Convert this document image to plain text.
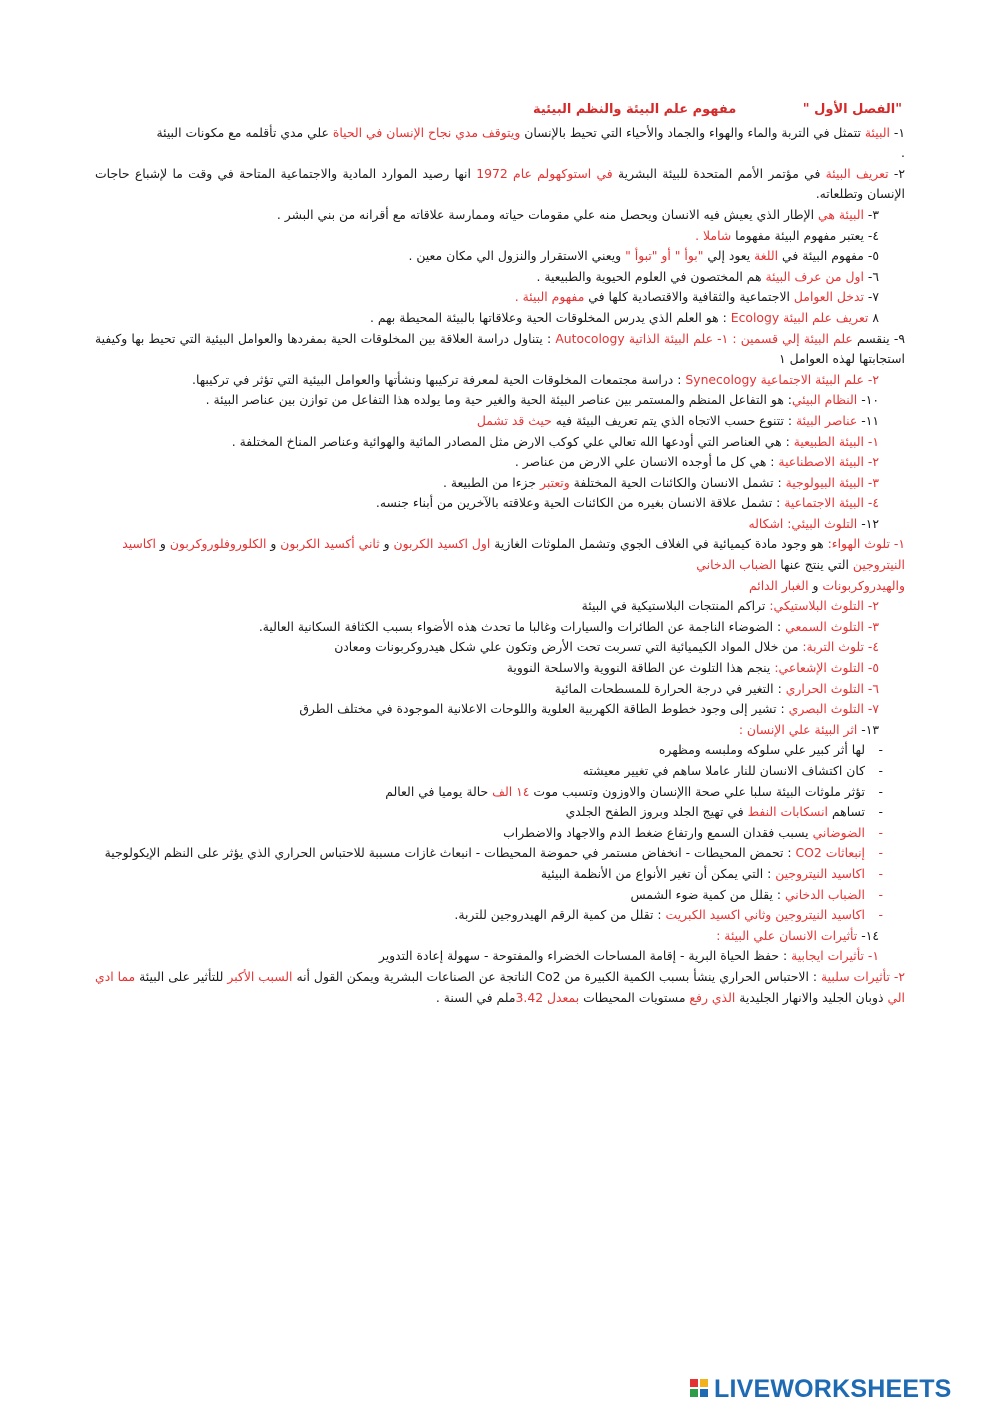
"الفصل الأول " مفهوم علم البيئة والنظم البيئية

١- البيئة تتمثل في التربة والماء والهواء والجماد والأحياء التي تحيط بالإنسان ويتوقف مدي نجاح الإنسان في الحياة علي مدي تأقلمه مع مكونات البيئة
.

٢- تعريف البيئة في مؤتمر الأمم المتحدة للبيئة البشرية في استوكهولم عام 1972 انها رصيد الموارد المادية والاجتماعية المتاحة في وقت ما لإشباع حاجات الإنسان وتطلعاته.

٣- البيئة هي الإطار الذي يعيش فيه الانسان ويحصل منه علي مقومات حياته وممارسة علاقاته مع أقرانه من بني البشر .

٤- يعتبر مفهوم البيئة مفهوما شاملا .

٥- مفهوم البيئة في اللغة يعود إلي "بوأ " أو "تبوأ " ويعني الاستقرار والنزول الي مكان معين .

٦- اول من عرف البيئة هم المختصون في العلوم الحيوية والطبيعية .

٧- تدخل العوامل الاجتماعية والثقافية والاقتصادية كلها في مفهوم البيئة .

٨ تعريف علم البيئة Ecology : هو العلم الذي يدرس المخلوقات الحية وعلاقاتها بالبيئة المحيطة بهم .

٩- ينقسم علم البيئة إلي قسمين : ١- علم البيئة الذاتية Autocology : يتناول دراسة العلاقة بين المخلوقات الحية بمفردها والعوامل البيئية التي تحيط بها وكيفية استجابتها لهذه العوامل ١

٢- علم البيئة الاجتماعية Synecology : دراسة مجتمعات المخلوقات الحية لمعرفة تركيبها ونشأتها والعوامل البيئية التي تؤثر في تركيبها.

١٠- النظام البيئي: هو التفاعل المنظم والمستمر بين عناصر البيئة الحية والغير حية وما يولده هذا التفاعل من توازن بين عناصر البيئة .

١١- عناصر البيئة : تتنوع حسب الاتجاه الذي يتم تعريف البيئة فيه حيث قد تشمل

١- البيئة الطبيعية : هي العناصر التي أودعها الله تعالي علي كوكب الارض مثل المصادر المائية والهوائية وعناصر المناخ المختلفة .

٢- البيئة الاصطناعية : هي كل ما أوجده الانسان علي الارض من عناصر .

٣- البيئة البيولوجية : تشمل الانسان والكائنات الحية المختلفة وتعتبر جزءا من الطبيعة .

٤- البيئة الاجتماعية : تشمل علاقة الانسان بغيره من الكائنات الحية وعلاقته بالآخرين من أبناء جنسه.

١٢- التلوث البيئي: اشكاله

١- تلوث الهواء: هو وجود مادة كيميائية في الغلاف الجوي وتشمل الملوثات الغازية اول اكسيد الكربون و ثاني أكسيد الكربون و الكلوروفلوروكربون و اكاسيد النيتروجين التي ينتج عنها الضباب الدخاني

والهيدروكربونات و الغبار الدائم

٢- التلوث البلاستيكي: تراكم المنتجات البلاستيكية في البيئة

٣- التلوث السمعي : الضوضاء الناجمة عن الطائرات والسيارات وغالبا ما تحدث هذه الأضواء بسبب الكثافة السكانية العالية.

٤- تلوث التربة: من خلال المواد الكيميائية التي تسربت تحت الأرض وتكون علي شكل هيدروكربونات ومعادن

٥- التلوث الإشعاعي: ينجم هذا التلوث عن الطاقة النووية والاسلحة النووية

٦- التلوث الحراري : التغير في درجة الحرارة للمسطحات المائية

٧- التلوث البصري : تشير إلى وجود خطوط الطاقة الكهربية العلوية واللوحات الاعلانية الموجودة في مختلف الطرق

١٣- اثر البيئة علي الإنسان :

- لها أثر كبير علي سلوكه وملبسه ومظهره
- كان اكتشاف الانسان للنار عاملا ساهم في تغيير معيشته
- تؤثر ملوثات البيئة سلبا علي صحة االإنسان والاوزون وتسبب موت ١٤ الف حالة يوميا في العالم
- تساهم انسكابات النفط في تهيج الجلد وبروز الطفح الجلدي
- الضوضاني يسبب فقدان السمع وارتفاع ضغط الدم والاجهاد والاضطراب
- إنبعاثات CO2 : تحمض المحيطات - انخفاض مستمر في حموضة المحيطات - انبعاث غازات مسببة للاحتباس الحراري الذي يؤثر على النظم الإيكولوجية
- اكاسيد النيتروجين : التي يمكن أن تغير الأنواع من الأنظمة البيئية
- الضباب الدخاني : يقلل من كمية ضوء الشمس
- اكاسيد النيتروجين وثاني اكسيد الكبريت : تقلل من كمية الرقم الهيدروجين للتربة.

١٤- تأثيرات الانسان علي البيئة :

١- تأثيرات ايجابية : حفظ الحياة البرية - إقامة المساحات الخضراء والمفتوحة - سهولة إعادة التدوير

٢- تأثيرات سلبية : الاحتباس الحراري ينشأ بسبب الكمية الكبيرة من Co2 الناتجة عن الصناعات البشرية ويمكن القول أنه السبب الأكبر للتأثير على البيئة مما ادي الي ذوبان الجليد والانهار الجليدية الذي رفع مستويات المحيطات بمعدل 3.42ملم في السنة .

LIVEWORKSHEETS
